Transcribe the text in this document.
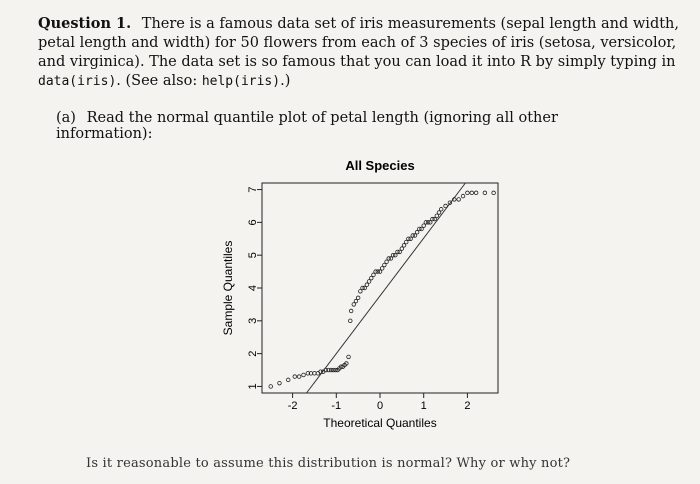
Question 1. There is a famous data set of iris measurements (sepal length and width, petal length and width) for 50 flowers from each of 3 species of iris (setosa, versicolor, and virginica). The data set is so famous that you can load it into R by simply typing in data(iris). (See also: help(iris).)
(a) Read the normal quantile plot of petal length (ignoring all other information):
All Species
Theoretical Quantiles
Sample Quantiles
-2	-1	0	1	2
1
2
3
4
5
6
7
Is it reasonable to assume this distribution is normal? Why or why not?
